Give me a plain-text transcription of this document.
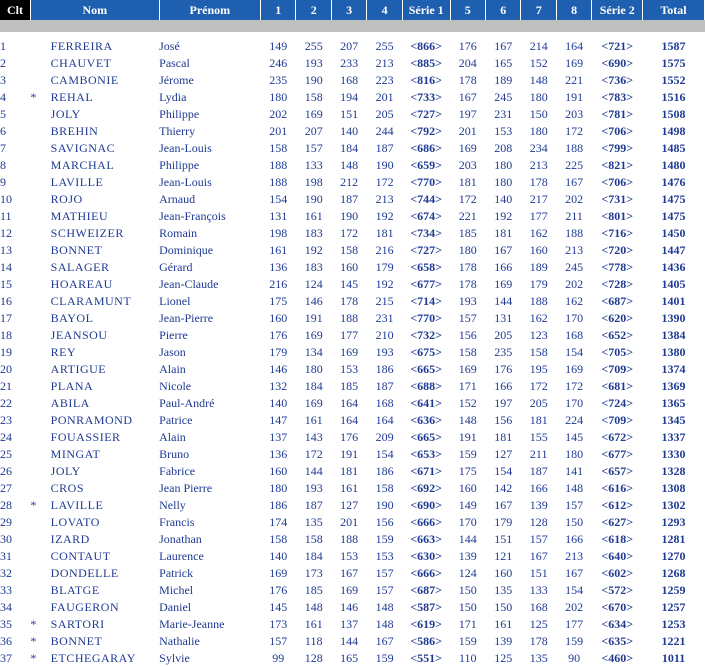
Clt	Nom		Prénom	1	2	3	4	Série 1	5	6	7	8	Série 2	Total

1		FERREIRA	José	149	255	207	255	<866>	176	167	214	164	<721>	1587
2		CHAUVET	Pascal	246	193	233	213	<885>	204	165	152	169	<690>	1575
3		CAMBONIE	Jérome	235	190	168	223	<816>	178	189	148	221	<736>	1552
4	*	REHAL	Lydia	180	158	194	201	<733>	167	245	180	191	<783>	1516
5		JOLY	Philippe	202	169	151	205	<727>	197	231	150	203	<781>	1508
6		BREHIN	Thierry	201	207	140	244	<792>	201	153	180	172	<706>	1498
7		SAVIGNAC	Jean-Louis	158	157	184	187	<686>	169	208	234	188	<799>	1485
8		MARCHAL	Philippe	188	133	148	190	<659>	203	180	213	225	<821>	1480
9		LAVILLE	Jean-Louis	188	198	212	172	<770>	181	180	178	167	<706>	1476
10		ROJO	Arnaud	154	190	187	213	<744>	172	140	217	202	<731>	1475
11		MATHIEU	Jean-François	131	161	190	192	<674>	221	192	177	211	<801>	1475
12		SCHWEIZER	Romain	198	183	172	181	<734>	185	181	162	188	<716>	1450
13		BONNET	Dominique	161	192	158	216	<727>	180	167	160	213	<720>	1447
14		SALAGER	Gérard	136	183	160	179	<658>	178	166	189	245	<778>	1436
15		HOAREAU	Jean-Claude	216	124	145	192	<677>	178	169	179	202	<728>	1405
16		CLARAMUNT	Lionel	175	146	178	215	<714>	193	144	188	162	<687>	1401
17		BAYOL	Jean-Pierre	160	191	188	231	<770>	157	131	162	170	<620>	1390
18		JEANSOU	Pierre	176	169	177	210	<732>	156	205	123	168	<652>	1384
19		REY	Jason	179	134	169	193	<675>	158	235	158	154	<705>	1380
20		ARTIGUE	Alain	146	180	153	186	<665>	169	176	195	169	<709>	1374
21		PLANA	Nicole	132	184	185	187	<688>	171	166	172	172	<681>	1369
22		ABILA	Paul-André	140	169	164	168	<641>	152	197	205	170	<724>	1365
23		PONRAMOND	Patrice	147	161	164	164	<636>	148	156	181	224	<709>	1345
24		FOUASSIER	Alain	137	143	176	209	<665>	191	181	155	145	<672>	1337
25		MINGAT	Bruno	136	172	191	154	<653>	159	127	211	180	<677>	1330
26		JOLY	Fabrice	160	144	181	186	<671>	175	154	187	141	<657>	1328
27		CROS	Jean Pierre	180	193	161	158	<692>	160	142	166	148	<616>	1308
28	*	LAVILLE	Nelly	186	187	127	190	<690>	149	167	139	157	<612>	1302
29		LOVATO	Francis	174	135	201	156	<666>	170	179	128	150	<627>	1293
30		IZARD	Jonathan	158	158	188	159	<663>	144	151	157	166	<618>	1281
31		CONTAUT	Laurence	140	184	153	153	<630>	139	121	167	213	<640>	1270
32		DONDELLE	Patrick	169	173	167	157	<666>	124	160	151	167	<602>	1268
33		BLATGE	Michel	176	185	169	157	<687>	150	135	133	154	<572>	1259
34		FAUGERON	Daniel	145	148	146	148	<587>	150	150	168	202	<670>	1257
35	*	SARTORI	Marie-Jeanne	173	161	137	148	<619>	171	161	125	177	<634>	1253
36	*	BONNET	Nathalie	157	118	144	167	<586>	159	139	178	159	<635>	1221
37	*	ETCHEGARAY	Sylvie	99	128	165	159	<551>	110	125	135	90	<460>	1011
